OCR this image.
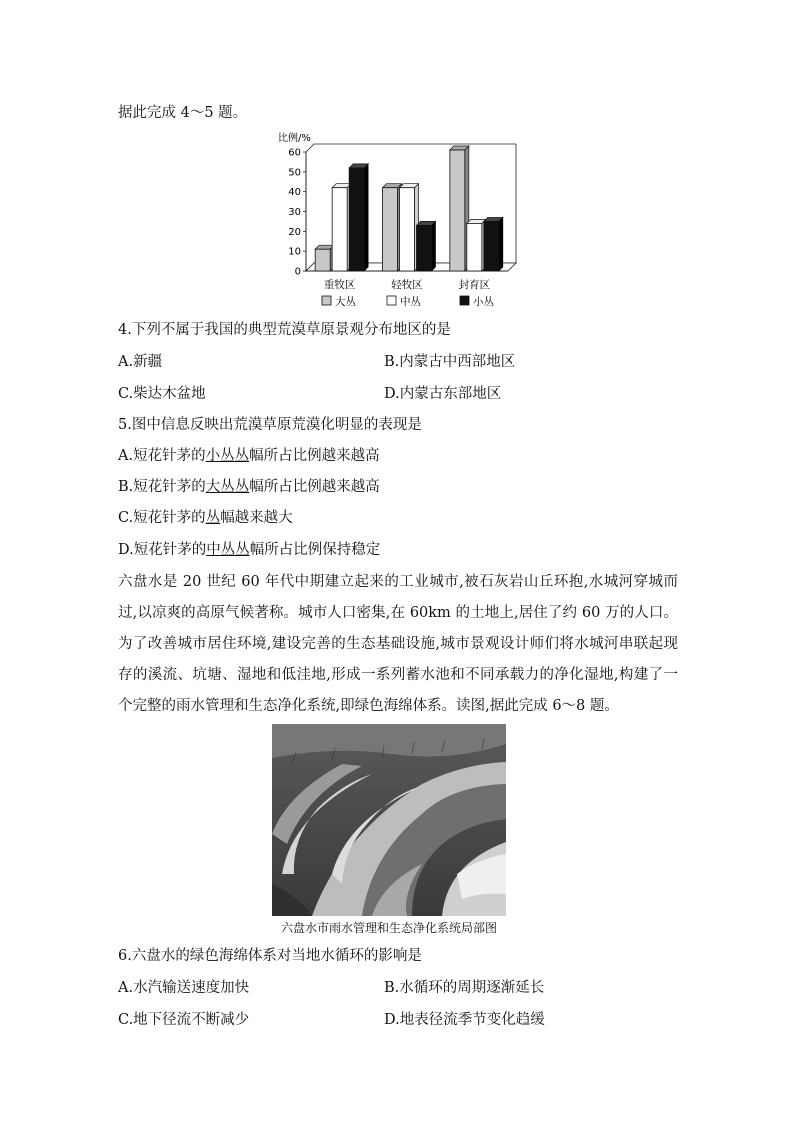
据此完成 4～5 题。
比例/%
0
10
20
30
40
50
60
重牧区	轻牧区	封育区
大丛	中丛	小丛
4.下列不属于我国的典型荒漠草原景观分布地区的是
A.新疆	B.内蒙古中西部地区
C.柴达木盆地	D.内蒙古东部地区
5.图中信息反映出荒漠草原荒漠化明显的表现是
A.短花针茅的小丛丛幅所占比例越来越高
B.短花针茅的大丛丛幅所占比例越来越高
C.短花针茅的丛幅越来越大
D.短花针茅的中丛丛幅所占比例保持稳定
六盘水是 20 世纪 60 年代中期建立起来的工业城市,被石灰岩山丘环抱,水城河穿城而过,以凉爽的高原气候著称。城市人口密集,在 60km 的土地上,居住了约 60 万的人口。为了改善城市居住环境,建设完善的生态基础设施,城市景观设计师们将水城河串联起现存的溪流、坑塘、湿地和低洼地,形成一系列蓄水池和不同承载力的净化湿地,构建了一个完整的雨水管理和生态净化系统,即绿色海绵体系。读图,据此完成 6～8 题。
六盘水市雨水管理和生态净化系统局部图
6.六盘水的绿色海绵体系对当地水循环的影响是
A.水汽输送速度加快	B.水循环的周期逐渐延长
C.地下径流不断减少	D.地表径流季节变化趋缓
